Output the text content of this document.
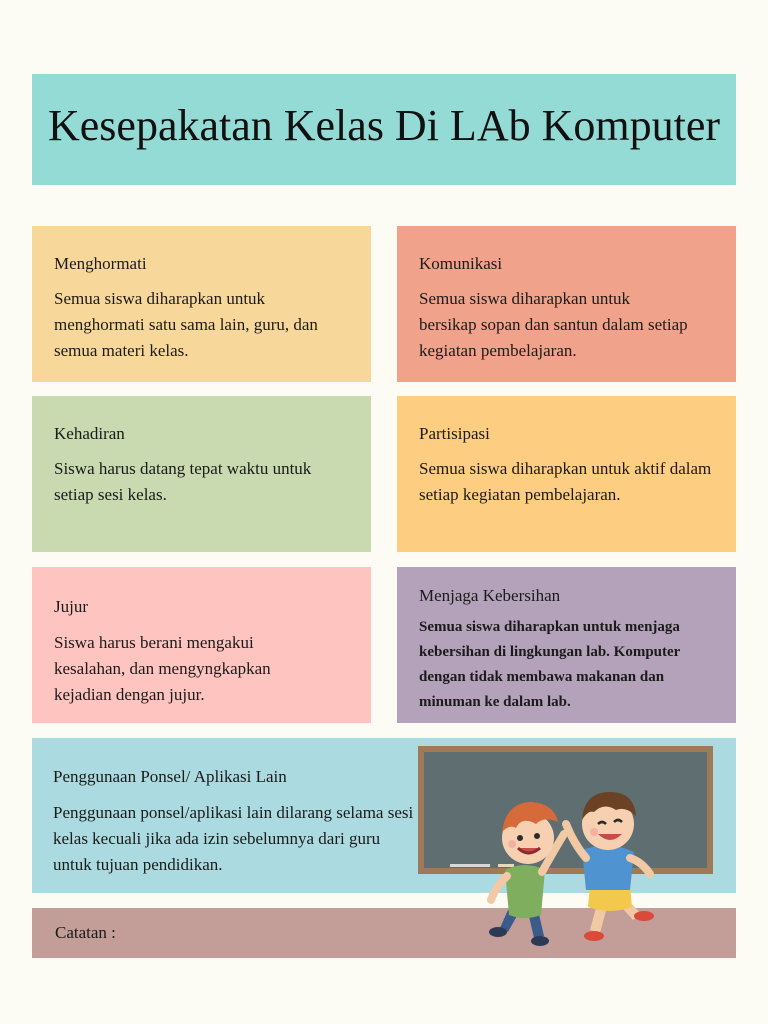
Kesepakatan Kelas Di LAb Komputer
Menghormati

Semua siswa diharapkan untuk menghormati satu sama lain, guru, dan semua materi kelas.

Komunikasi

Semua siswa diharapkan untuk bersikap sopan dan santun dalam setiap kegiatan pembelajaran.

Kehadiran

Siswa harus datang tepat waktu untuk setiap sesi kelas.

Partisipasi

Semua siswa diharapkan untuk aktif dalam setiap kegiatan pembelajaran.

Jujur

Siswa harus berani mengakui kesalahan, dan mengyngkapkan kejadian dengan jujur.

Menjaga Kebersihan

Semua siswa diharapkan untuk menjaga kebersihan di lingkungan lab. Komputer dengan tidak membawa makanan dan minuman ke dalam lab.

Penggunaan Ponsel/ Aplikasi Lain

Penggunaan ponsel/aplikasi lain dilarang selama sesi kelas kecuali jika ada izin sebelumnya dari guru untuk tujuan pendidikan.

Catatan :
